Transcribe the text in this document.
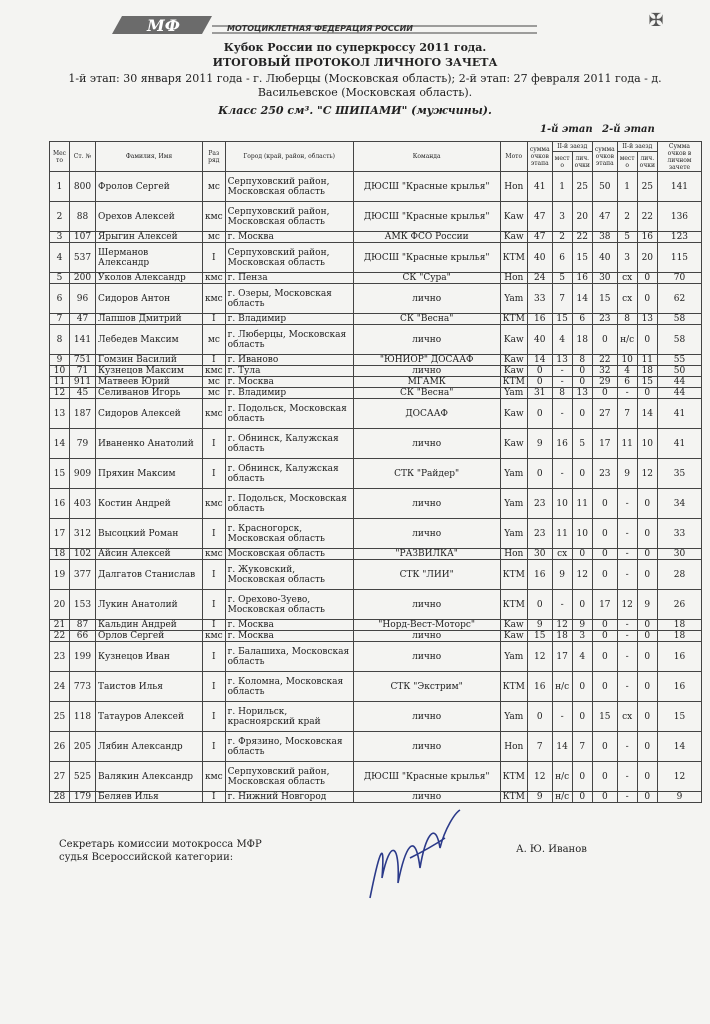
МФ	МОТОЦИКЛЕТНАЯ ФЕДЕРАЦИЯ РОССИИ	✠
Кубок России по суперкроссу 2011 года.
ИТОГОВЫЙ ПРОТОКОЛ ЛИЧНОГО ЗАЧЕТА
1-й этап: 30 января 2011 года - г. Люберцы (Московская область); 2-й этап: 27 февраля 2011 года - д. Васильевское (Московская область).
Класс 250 см³. "С ШИПАМИ" (мужчины).
1-й этап 2-й этап
Мес то	Ст. №	Фамилия, Имя	Раз ряд	Город (край, район, область)	Команда	Мото	сумма очков этапа	II-й заезд		сумма очков этапа	II-й заезд		Сумма очков в личном зачете
								мест о	лич. очки		мест о	лич. очки	
1	800	Фролов Сергей	мс	Серпуховский район, Московская область	ДЮСШ "Красные крылья"	Hon	41	1	25	50	1	25	141
2	88	Орехов Алексей	кмс	Серпуховский район, Московская область	ДЮСШ "Красные крылья"	Kaw	47	3	20	47	2	22	136
3	107	Ярыгин Алексей	мс	г. Москва	АМК ФСО России	Kaw	47	2	22	38	5	16	123
4	537	Шерманов Александр	I	Серпуховский район, Московская область	ДЮСШ "Красные крылья"	КТМ	40	6	15	40	3	20	115
5	200	Уколов Александр	кмс	г. Пенза	СК "Сура"	Hon	24	5	16	30	сх	0	70
6	96	Сидоров Антон	кмс	г. Озеры, Московская область	лично	Yam	33	7	14	15	сх	0	62
7	47	Лапшов Дмитрий	I	г. Владимир	СК "Весна"	КТМ	16	15	6	23	8	13	58
8	141	Лебедев Максим	мс	г. Люберцы, Московская область	лично	Kaw	40	4	18	0	н/с	0	58
9	751	Гомзин Василий	I	г. Иваново	"ЮНИОР" ДОСААФ	Kaw	14	13	8	22	10	11	55
10	71	Кузнецов Максим	кмс	г. Тула	лично	Kaw	0	-	0	32	4	18	50
11	911	Матвеев Юрий	мс	г. Москва	МГАМК	КТМ	0	-	0	29	6	15	44
12	45	Селиванов Игорь	мс	г. Владимир	СК "Весна"	Yam	31	8	13	0	-	0	44
13	187	Сидоров Алексей	кмс	г. Подольск, Московская область	ДОСААФ	Kaw	0	-	0	27	7	14	41
14	79	Иваненко Анатолий	I	г. Обнинск, Калужская область	лично	Kaw	9	16	5	17	11	10	41
15	909	Пряхин Максим	I	г. Обнинск, Калужская область	СТК "Райдер"	Yam	0	-	0	23	9	12	35
16	403	Костин Андрей	кмс	г. Подольск, Московская область	лично	Yam	23	10	11	0	-	0	34
17	312	Высоцкий Роман	I	г. Красногорск, Московская область	лично	Yam	23	11	10	0	-	0	33
18	102	Айсин Алексей	кмс	Московская область	"РАЗВИЛКА"	Hon	30	сх	0	0	-	0	30
19	377	Далгатов Станислав	I	г. Жуковский, Московская область	СТК "ЛИИ"	КТМ	16	9	12	0	-	0	28
20	153	Лукин Анатолий	I	г. Орехово-Зуево, Московская область	лично	КТМ	0	-	0	17	12	9	26
21	87	Кальдин Андрей	I	г. Москва	"Норд-Вест-Моторс"	Kaw	9	12	9	0	-	0	18
22	66	Орлов Сергей	кмс	г. Москва	лично	Kaw	15	18	3	0	-	0	18
23	199	Кузнецов Иван	I	г. Балашиха, Московская область	лично	Yam	12	17	4	0	-	0	16
24	773	Таистов Илья	I	г. Коломна, Московская область	СТК "Экстрим"	КТМ	16	н/с	0	0	-	0	16
25	118	Татауров Алексей	I	г. Норильск, красноярский край	лично	Yam	0	-	0	15	сх	0	15
26	205	Лябин Александр	I	г. Фрязино, Московская область	лично	Hon	7	14	7	0	-	0	14
27	525	Валякин Александр	кмс	Серпуховский район, Московская область	ДЮСШ "Красные крылья"	КТМ	12	н/с	0	0	-	0	12
28	179	Беляев Илья	I	г. Нижний Новгород	лично	КТМ	9	н/с	0	0	-	0	9
Секретарь комиссии мотокросса МФР
судья Всероссийской категории:
А. Ю. Иванов
